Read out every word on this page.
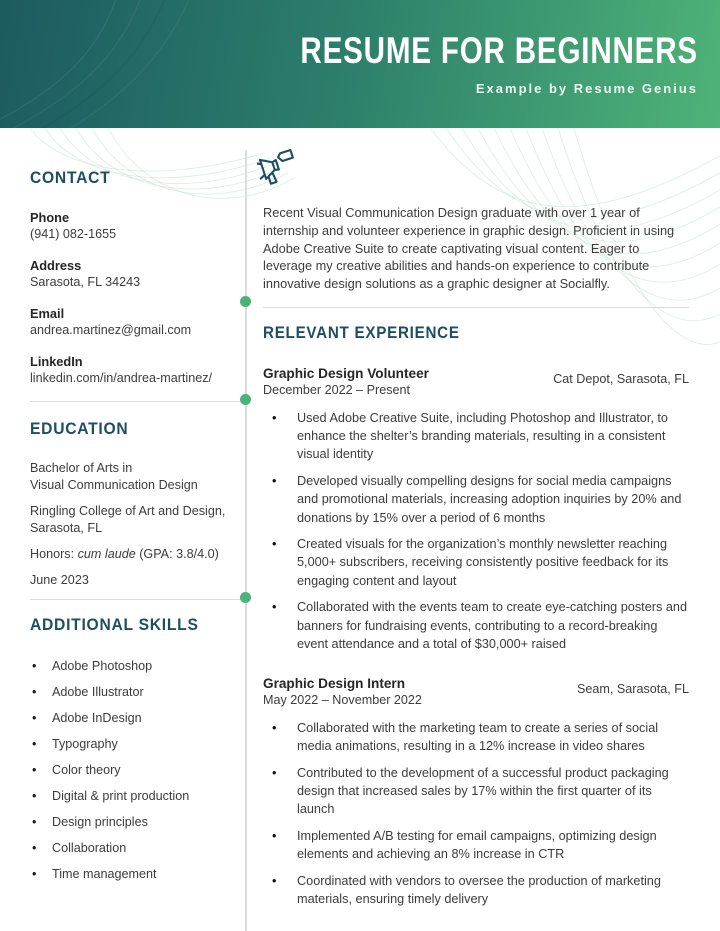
RESUME FOR BEGINNERS
Example by Resume Genius
CONTACT
Phone
(941) 082-1655
Address
Sarasota, FL 34243
Email
andrea.martinez@gmail.com
LinkedIn
linkedin.com/in/andrea-martinez/
EDUCATION
Bachelor of Arts in
Visual Communication Design
Ringling College of Art and Design,
Sarasota, FL
Honors: cum laude (GPA: 3.8/4.0)
June 2023
ADDITIONAL SKILLS
•	Adobe Photoshop
•	Adobe Illustrator
•	Adobe InDesign
•	Typography
•	Color theory
•	Digital & print production
•	Design principles
•	Collaboration
•	Time management

Recent Visual Communication Design graduate with over 1 year of internship and volunteer experience in graphic design. Proficient in using Adobe Creative Suite to create captivating visual content. Eager to leverage my creative abilities and hands-on experience to contribute innovative design solutions as a graphic designer at Socialfly.

RELEVANT EXPERIENCE
Graphic Design Volunteer
December 2022 – Present
Cat Depot, Sarasota, FL
•	Used Adobe Creative Suite, including Photoshop and Illustrator, to enhance the shelter’s branding materials, resulting in a consistent visual identity
•	Developed visually compelling designs for social media campaigns and promotional materials, increasing adoption inquiries by 20% and donations by 15% over a period of 6 months
•	Created visuals for the organization’s monthly newsletter reaching 5,000+ subscribers, receiving consistently positive feedback for its engaging content and layout
•	Collaborated with the events team to create eye-catching posters and banners for fundraising events, contributing to a record-breaking event attendance and a total of $30,000+ raised
Graphic Design Intern
May 2022 – November 2022
Seam, Sarasota, FL
•	Collaborated with the marketing team to create a series of social media animations, resulting in a 12% increase in video shares
•	Contributed to the development of a successful product packaging design that increased sales by 17% within the first quarter of its launch
•	Implemented A/B testing for email campaigns, optimizing design elements and achieving an 8% increase in CTR
•	Coordinated with vendors to oversee the production of marketing materials, ensuring timely delivery
